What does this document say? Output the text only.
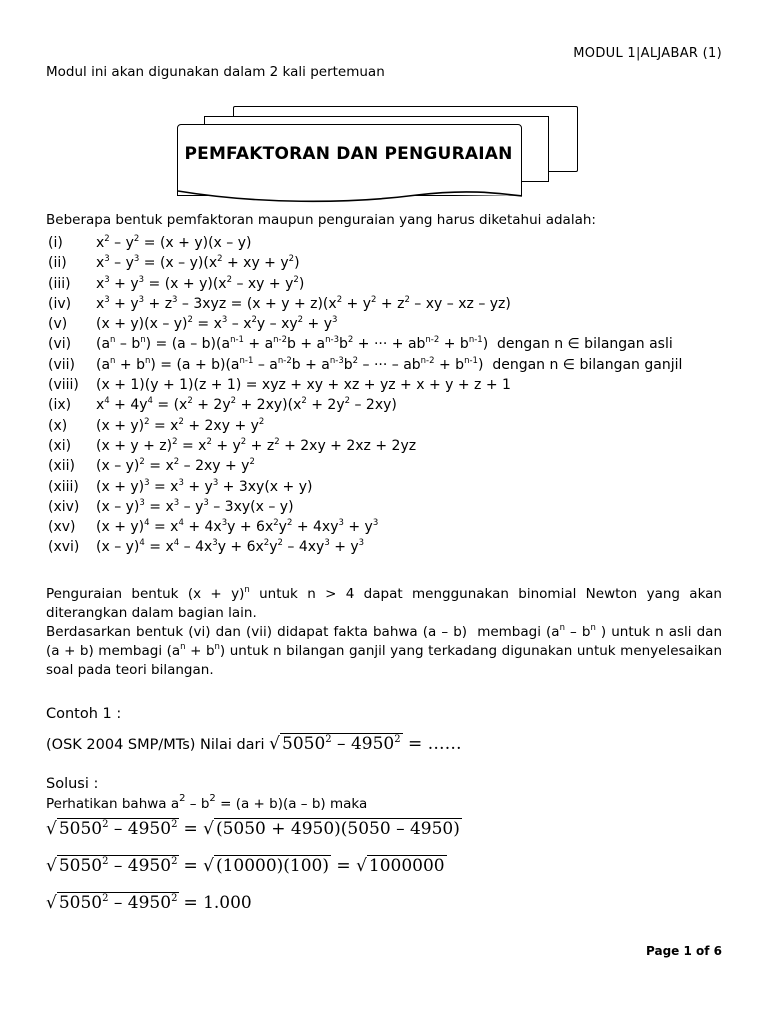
MODUL 1|ALJABAR (1)
Modul ini akan digunakan dalam 2 kali pertemuan
PEMFAKTORAN DAN PENGURAIAN
Beberapa bentuk pemfaktoran maupun penguraian yang harus diketahui adalah:
(i) $x^2 - y^2 = (x + y)(x - y)$
(ii) $x^3 - y^3 = (x - y)(x^2$ + xy + $y^2$)
(iii) $x^3 + y^3 = (x + y)(x^2$ – xy + $y^2$)
(iv) $x^3 + y^3 + z^3 - 3xyz = (x + y + z)(x^2 + y^2 + z^2$ – xy – xz – yz)
(v) $(x + y)(x - y)^2 = x^3 - x^2y - xy^2 + y^3$
(vi) $(a^n - b^n) = (a - b)(a^{n-1} + a^{n-2}b + a^{n-3}b^2$ + ··· + $ab^{n-2} + b^{n-1}$)  dengan n ∈ bilangan asli
(vii) $(a^n + b^n) = (a + b)(a^{n-1} - a^{n-2}b + a^{n-3}b^2$ – ··· – $ab^{n-2} + b^{n-1}$)  dengan n ∈ bilangan ganjil
(viii) (x + 1)(y + 1)(z + 1) = xyz + xy + xz + yz + x + y + z + 1
(ix) $x^4 + 4y^4 = (x^2 + 2y^2 + 2xy)(x^2 + 2y^2 - 2xy)$
(x) $(x + y)^2 = x^2 + 2xy + y^2$
(xi) $(x + y + z)^2 = x^2 + y^2 + z^2 + 2xy + 2xz + 2yz$
(xii) $(x - y)^2 = x^2 - 2xy + y^2$
(xiii) $(x + y)^3 = x^3 + y^3 + 3xy(x + y)$
(xiv) $(x - y)^3 = x^3 - y^3 - 3xy(x - y)$
(xv) $(x + y)^4 = x^4 + 4x^3y + 6x^2y^2 + 4xy^3 + y^3$
(xvi) $(x - y)^4 = x^4 - 4x^3y + 6x^2y^2 - 4xy^3 + y^3$
Penguraian bentuk $(x + y)^n$ untuk n > 4 dapat menggunakan binomial Newton yang akan diterangkan dalam bagian lain.
Berdasarkan bentuk (vi) dan (vii) didapat fakta bahwa (a – b)  membagi ($a^n - b^n$ ) untuk n asli dan (a + b) membagi $(a^n + b^n)$ untuk n bilangan ganjil yang terkadang digunakan untuk menyelesaikan soal pada teori bilangan.
Contoh 1 :
(OSK 2004 SMP/MTs) Nilai dari √ $5050^2 - 4950^2$ = ……
Solusi :
Perhatikan bahwa $a^2 - b^2 = (a + b)(a - b)$ maka
√ $5050^2 - 4950^2$ = √ (5050 + 4950)(5050 – 4950)
√ $5050^2 - 4950^2$ = √ (10000)(100) = √ 1000000
√ $5050^2 - 4950^2 = 1.000$
Page 1 of 6
